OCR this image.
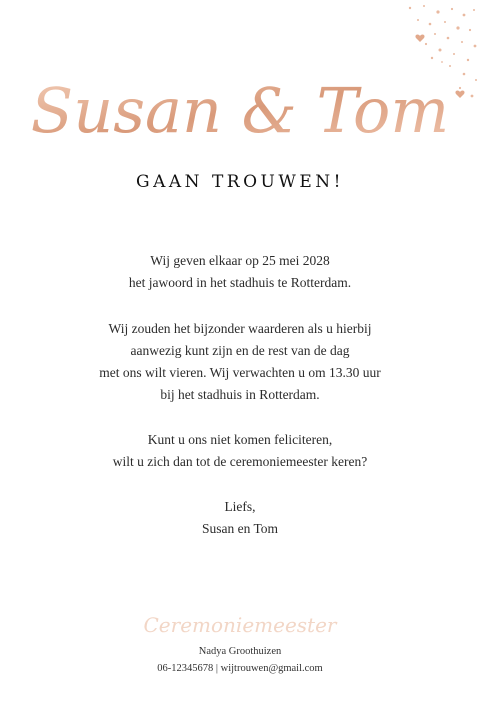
Susan & Tom
GAAN TROUWEN!

Wij geven elkaar op 25 mei 2028

het jawoord in het stadhuis te Rotterdam.

Wij zouden het bijzonder waarderen als u hierbij

aanwezig kunt zijn en de rest van de dag

met ons wilt vieren. Wij verwachten u om 13.30 uur

bij het stadhuis in Rotterdam.

Kunt u ons niet komen feliciteren,

wilt u zich dan tot de ceremoniemeester keren?

Liefs,

Susan en Tom

Ceremoniemeester

Nadya Groothuizen

06-12345678 | wijtrouwen@gmail.com
